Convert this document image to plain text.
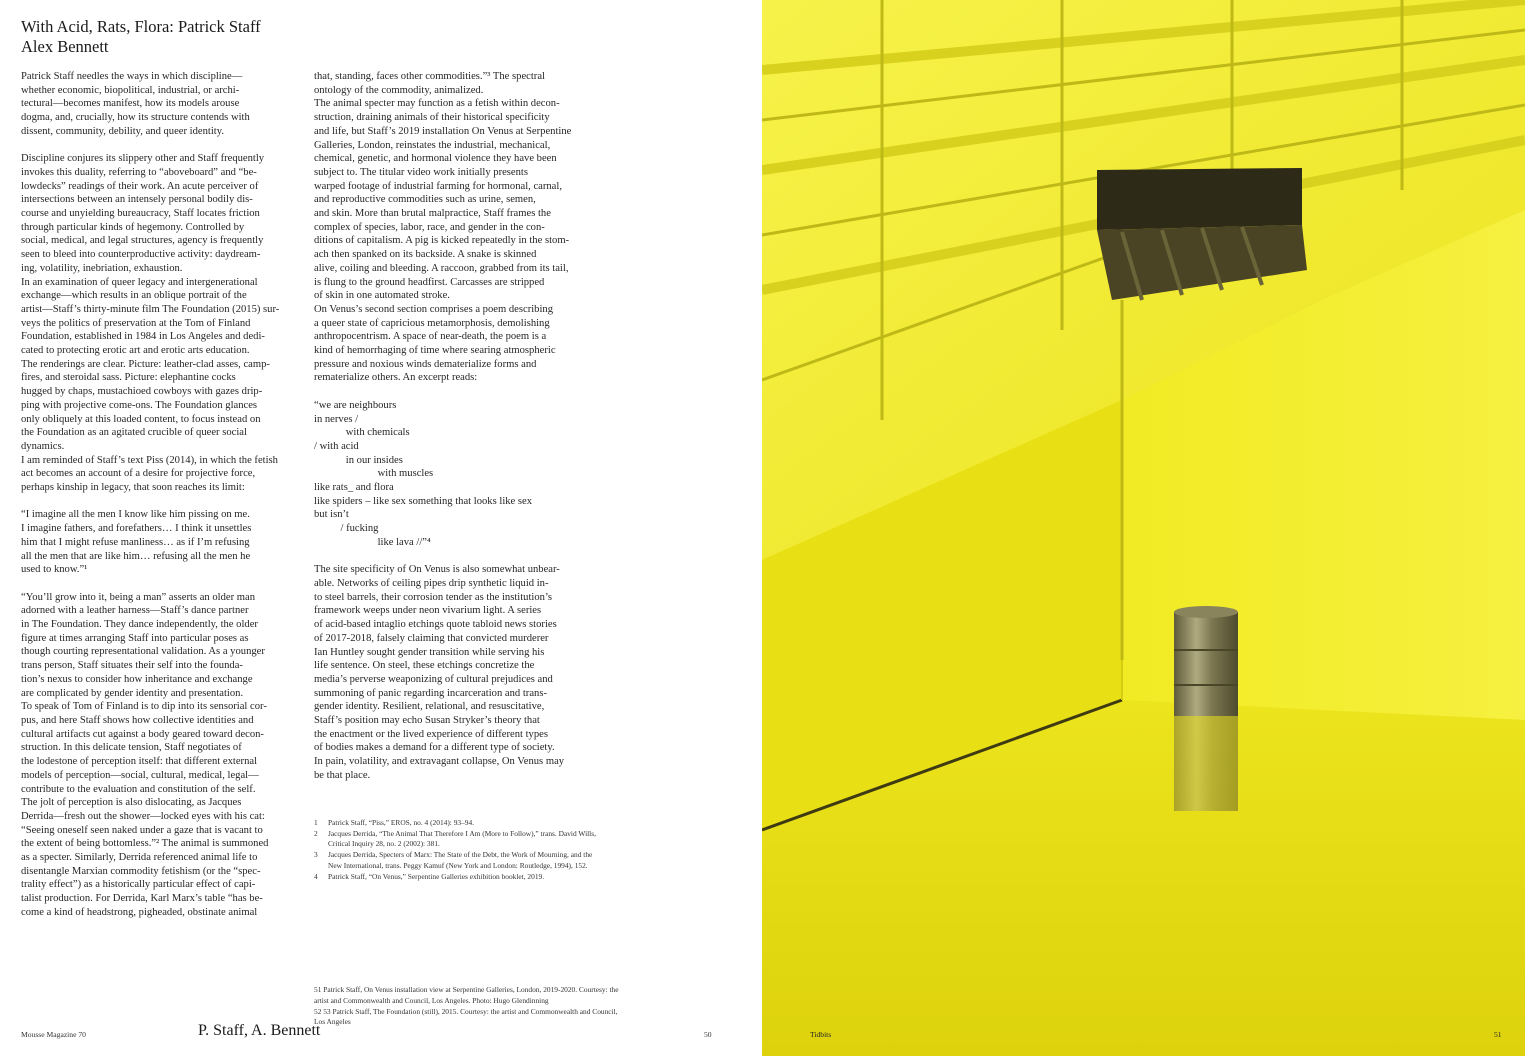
With Acid, Rats, Flora: Patrick Staff
Alex Bennett

Patrick Staff needles the ways in which discipline—
whether economic, biopolitical, industrial, or archi-
tectural—becomes manifest, how its models arouse
dogma, and, crucially, how its structure contends with
dissent, community, debility, and queer identity.

Discipline conjures its slippery other and Staff frequently
invokes this duality, referring to “aboveboard” and “be-
lowdecks” readings of their work. An acute perceiver of
intersections between an intensely personal bodily dis-
course and unyielding bureaucracy, Staff locates friction
through particular kinds of hegemony. Controlled by
social, medical, and legal structures, agency is frequently
seen to bleed into counterproductive activity: daydream-
ing, volatility, inebriation, exhaustion.

In an examination of queer legacy and intergenerational
exchange—which results in an oblique portrait of the
artist—Staff’s thirty-minute film The Foundation (2015) sur-
veys the politics of preservation at the Tom of Finland
Foundation, established in 1984 in Los Angeles and dedi-
cated to protecting erotic art and erotic arts education.
The renderings are clear. Picture: leather-clad asses, camp-
fires, and steroidal sass. Picture: elephantine cocks
hugged by chaps, mustachioed cowboys with gazes drip-
ping with projective come-ons. The Foundation glances
only obliquely at this loaded content, to focus instead on
the Foundation as an agitated crucible of queer social
dynamics.

I am reminded of Staff’s text Piss (2014), in which the fetish
act becomes an account of a desire for projective force,
perhaps kinship in legacy, that soon reaches its limit:

“I imagine all the men I know like him pissing on me.
I imagine fathers, and forefathers… I think it unsettles
him that I might refuse manliness… as if I’m refusing
all the men that are like him… refusing all the men he
used to know.”¹

“You’ll grow into it, being a man” asserts an older man
adorned with a leather harness—Staff’s dance partner
in The Foundation. They dance independently, the older
figure at times arranging Staff into particular poses as
though courting representational validation. As a younger
trans person, Staff situates their self into the founda-
tion’s nexus to consider how inheritance and exchange
are complicated by gender identity and presentation.

To speak of Tom of Finland is to dip into its sensorial cor-
pus, and here Staff shows how collective identities and
cultural artifacts cut against a body geared toward decon-
struction. In this delicate tension, Staff negotiates of
the lodestone of perception itself: that different external
models of perception—social, cultural, medical, legal—
contribute to the evaluation and constitution of the self.

The jolt of perception is also dislocating, as Jacques
Derrida—fresh out the shower—locked eyes with his cat:
“Seeing oneself seen naked under a gaze that is vacant to
the extent of being bottomless.”² The animal is summoned
as a specter. Similarly, Derrida referenced animal life to
disentangle Marxian commodity fetishism (or the “spec-
trality effect”) as a historically particular effect of capi-
talist production. For Derrida, Karl Marx’s table “has be-
come a kind of headstrong, pigheaded, obstinate animal

that, standing, faces other commodities.”³ The spectral
ontology of the commodity, animalized.

The animal specter may function as a fetish within decon-
struction, draining animals of their historical specificity
and life, but Staff’s 2019 installation On Venus at Serpentine
Galleries, London, reinstates the industrial, mechanical,
chemical, genetic, and hormonal violence they have been
subject to. The titular video work initially presents
warped footage of industrial farming for hormonal, carnal,
and reproductive commodities such as urine, semen,
and skin. More than brutal malpractice, Staff frames the
complex of species, labor, race, and gender in the con-
ditions of capitalism. A pig is kicked repeatedly in the stom-
ach then spanked on its backside. A snake is skinned
alive, coiling and bleeding. A raccoon, grabbed from its tail,
is flung to the ground headfirst. Carcasses are stripped
of skin in one automated stroke.

On Venus’s second section comprises a poem describing
a queer state of capricious metamorphosis, demolishing
anthropocentrism. A space of near-death, the poem is a
kind of hemorrhaging of time where searing atmospheric
pressure and noxious winds dematerialize forms and
rematerialize others. An excerpt reads:

“we are neighbours
in nerves /
with chemicals
/ with acid
in our insides
with muscles
like rats_ and flora
like spiders – like sex something that looks like sex
but isn’t
/ fucking
like lava //”⁴

The site specificity of On Venus is also somewhat unbear-
able. Networks of ceiling pipes drip synthetic liquid in-
to steel barrels, their corrosion tender as the institution’s
framework weeps under neon vivarium light. A series
of acid-based intaglio etchings quote tabloid news stories
of 2017-2018, falsely claiming that convicted murderer
Ian Huntley sought gender transition while serving his
life sentence. On steel, these etchings concretize the
media’s perverse weaponizing of cultural prejudices and
summoning of panic regarding incarceration and trans-
gender identity. Resilient, relational, and resuscitative,
Staff’s position may echo Susan Stryker’s theory that
the enactment or the lived experience of different types
of bodies makes a demand for a different type of society.
In pain, volatility, and extravagant collapse, On Venus may
be that place.

1	Patrick Staff, “Piss,” EROS, no. 4 (2014): 93–94.
2	Jacques Derrida, “The Animal That Therefore I Am (More to Follow),” trans. David Wills, Critical Inquiry 28, no. 2 (2002): 381.
3	Jacques Derrida, Specters of Marx: The State of the Debt, the Work of Mourning, and the New International, trans. Peggy Kamuf (New York and London: Routledge, 1994), 152.
4	Patrick Staff, “On Venus,” Serpentine Galleries exhibition booklet, 2019.

51 Patrick Staff, On Venus installation view at Serpentine Galleries, London, 2019-2020. Courtesy: the artist and Commonwealth and Council, Los Angeles. Photo: Hugo Glendinning

52 53 Patrick Staff, The Foundation (still), 2015. Courtesy: the artist and Commonwealth and Council, Los Angeles

Mousse Magazine 70	P. Staff, A. Bennett	50	Tidbits	51
